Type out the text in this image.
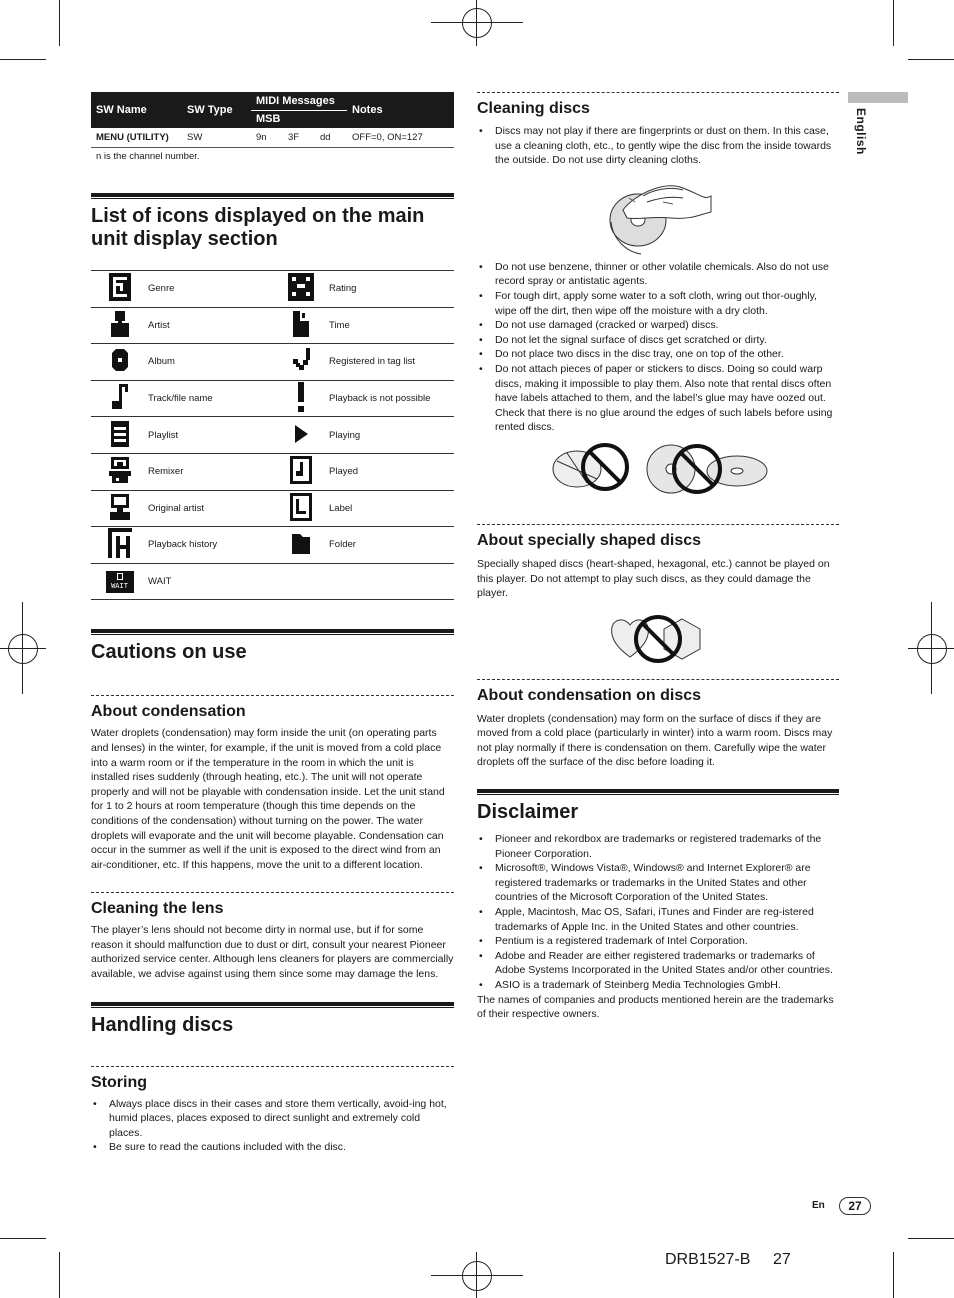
SW Name	SW Type	MIDI Messages			Notes
		MSB			
MENU (UTILITY)	SW	9n	3F	dd	OFF=0, ON=127
n is the channel number.
List of icons displayed on the main unit display section
	Genre		Rating
	Artist		Time
	Album		Registered in tag list
	Track/file name		Playback is not possible
	Playlist		Playing
	Remixer		Played
	Original artist		Label
	Playback history		Folder

WAIT	WAIT		
Cautions on use
About condensation
Water droplets (condensation) may form inside the unit (on operating parts and lenses) in the winter, for example, if the unit is moved from a cold place into a warm room or if the temperature in the room in which the unit is installed rises suddenly (through heating, etc.). The unit will not operate properly and will not be playable with condensation inside. Let the unit stand for 1 to 2 hours at room temperature (though this time depends on the conditions of the condensation) without turning on the power. The water droplets will evaporate and the unit will become playable. Condensation can occur in the summer as well if the unit is exposed to the direct wind from an air-conditioner, etc. If this happens, move the unit to a different location.
Cleaning the lens
The player’s lens should not become dirty in normal use, but if for some reason it should malfunction due to dust or dirt, consult your nearest Pioneer authorized service center. Although lens cleaners for players are commercially available, we advise against using them since some may damage the lens.
Handling discs
Storing
• Always place discs in their cases and store them vertically, avoid-ing hot, humid places, places exposed to direct sunlight and extremely cold places.
• Be sure to read the cautions included with the disc.
Cleaning discs
• Discs may not play if there are fingerprints or dust on them. In this case, use a cleaning cloth, etc., to gently wipe the disc from the inside towards the outside. Do not use dirty cleaning cloths.
• Do not use benzene, thinner or other volatile chemicals. Also do not use record spray or antistatic agents.
• For tough dirt, apply some water to a soft cloth, wring out thor-oughly, wipe off the dirt, then wipe off the moisture with a dry cloth.
• Do not use damaged (cracked or warped) discs.
• Do not let the signal surface of discs get scratched or dirty.
• Do not place two discs in the disc tray, one on top of the other.
• Do not attach pieces of paper or stickers to discs. Doing so could warp discs, making it impossible to play them. Also note that rental discs often have labels attached to them, and the label’s glue may have oozed out. Check that there is no glue around the edges of such labels before using rented discs.
About specially shaped discs
Specially shaped discs (heart-shaped, hexagonal, etc.) cannot be played on this player. Do not attempt to play such discs, as they could damage the player.
About condensation on discs
Water droplets (condensation) may form on the surface of discs if they are moved from a cold place (particularly in winter) into a warm room. Discs may not play normally if there is condensation on them. Carefully wipe the water droplets off the surface of the disc before loading it.
Disclaimer
• Pioneer and rekordbox are trademarks or registered trademarks of the Pioneer Corporation.
• Microsoft®, Windows Vista®, Windows® and Internet Explorer® are registered trademarks or trademarks in the United States and other countries of the Microsoft Corporation of the United States.
• Apple, Macintosh, Mac OS, Safari, iTunes and Finder are reg-istered trademarks of Apple Inc. in the United States and other countries.
• Pentium is a registered trademark of Intel Corporation.
• Adobe and Reader are either registered trademarks or trademarks of Adobe Systems Incorporated in the United States and/or other countries.
• ASIO is a trademark of Steinberg Media Technologies GmbH.
The names of companies and products mentioned herein are the trademarks of their respective owners.
English
En	27
DRB1527-B 27
